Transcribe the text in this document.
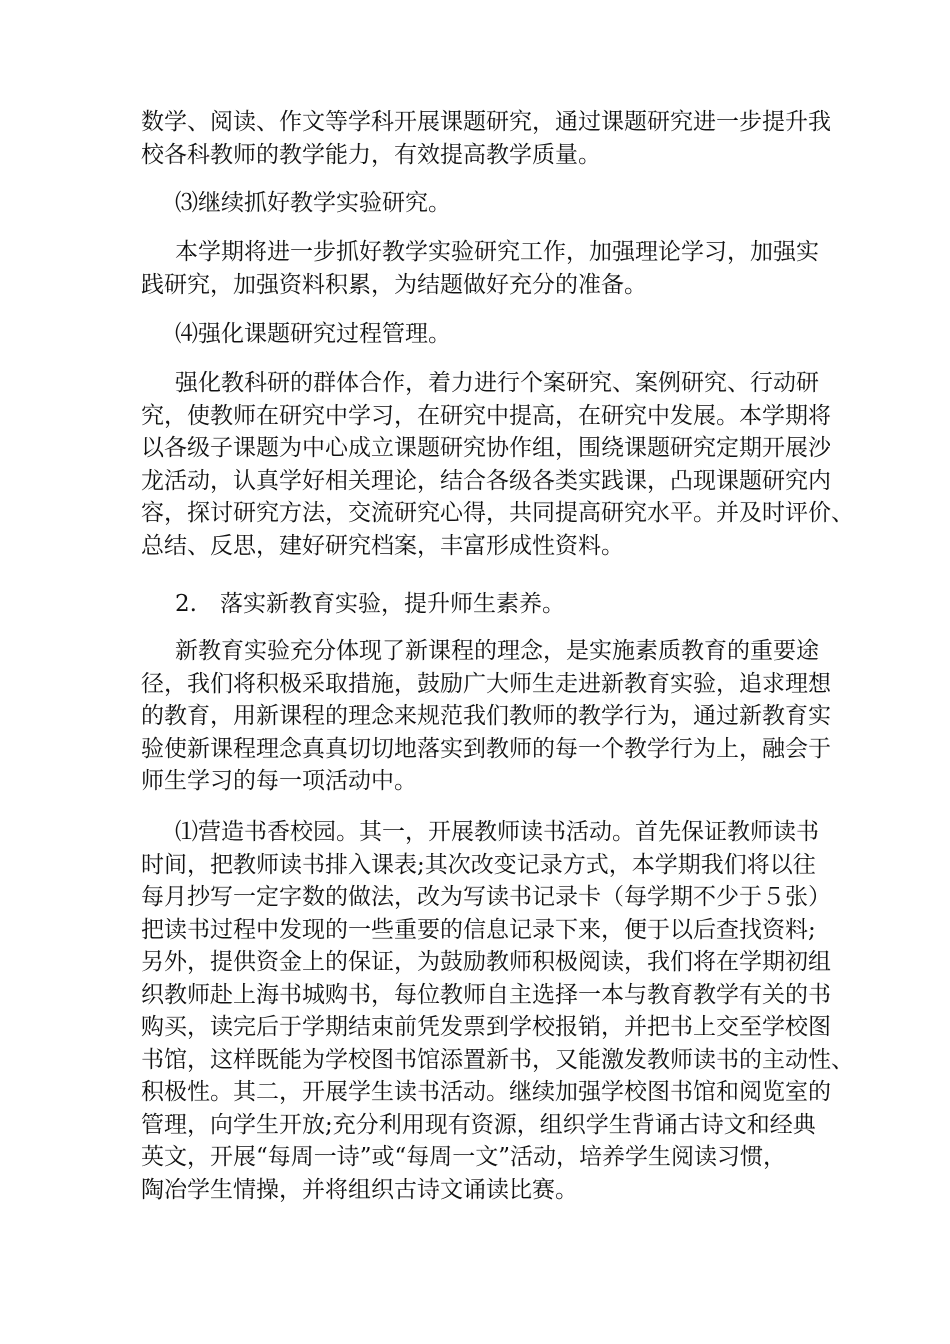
数学、阅读、作文等学科开展课题研究，通过课题研究进一步提升我
校各科教师的教学能力，有效提高教学质量。
⑶继续抓好教学实验研究。
本学期将进一步抓好教学实验研究工作，加强理论学习，加强实
践研究，加强资料积累，为结题做好充分的准备。
⑷强化课题研究过程管理。
强化教科研的群体合作，着力进行个案研究、案例研究、行动研
究，使教师在研究中学习，在研究中提高，在研究中发展。本学期将
以各级子课题为中心成立课题研究协作组，围绕课题研究定期开展沙
龙活动，认真学好相关理论，结合各级各类实践课，凸现课题研究内
容，探讨研究方法，交流研究心得，共同提高研究水平。并及时评价、
总结、反思，建好研究档案，丰富形成性资料。
2.　落实新教育实验，提升师生素养。
新教育实验充分体现了新课程的理念，是实施素质教育的重要途
径，我们将积极采取措施，鼓励广大师生走进新教育实验，追求理想
的教育，用新课程的理念来规范我们教师的教学行为，通过新教育实
验使新课程理念真真切切地落实到教师的每一个教学行为上，融会于
师生学习的每一项活动中。
⑴营造书香校园。其一，开展教师读书活动。首先保证教师读书
时间，把教师读书排入课表;其次改变记录方式，本学期我们将以往
每月抄写一定字数的做法，改为写读书记录卡（每学期不少于５张）
把读书过程中发现的一些重要的信息记录下来，便于以后查找资料;
另外，提供资金上的保证，为鼓励教师积极阅读，我们将在学期初组
织教师赴上海书城购书，每位教师自主选择一本与教育教学有关的书
购买，读完后于学期结束前凭发票到学校报销，并把书上交至学校图
书馆，这样既能为学校图书馆添置新书，又能激发教师读书的主动性、
积极性。其二，开展学生读书活动。继续加强学校图书馆和阅览室的
管理，向学生开放;充分利用现有资源，组织学生背诵古诗文和经典
英文，开展“每周一诗”或“每周一文”活动，培养学生阅读习惯，
陶冶学生情操，并将组织古诗文诵读比赛。
